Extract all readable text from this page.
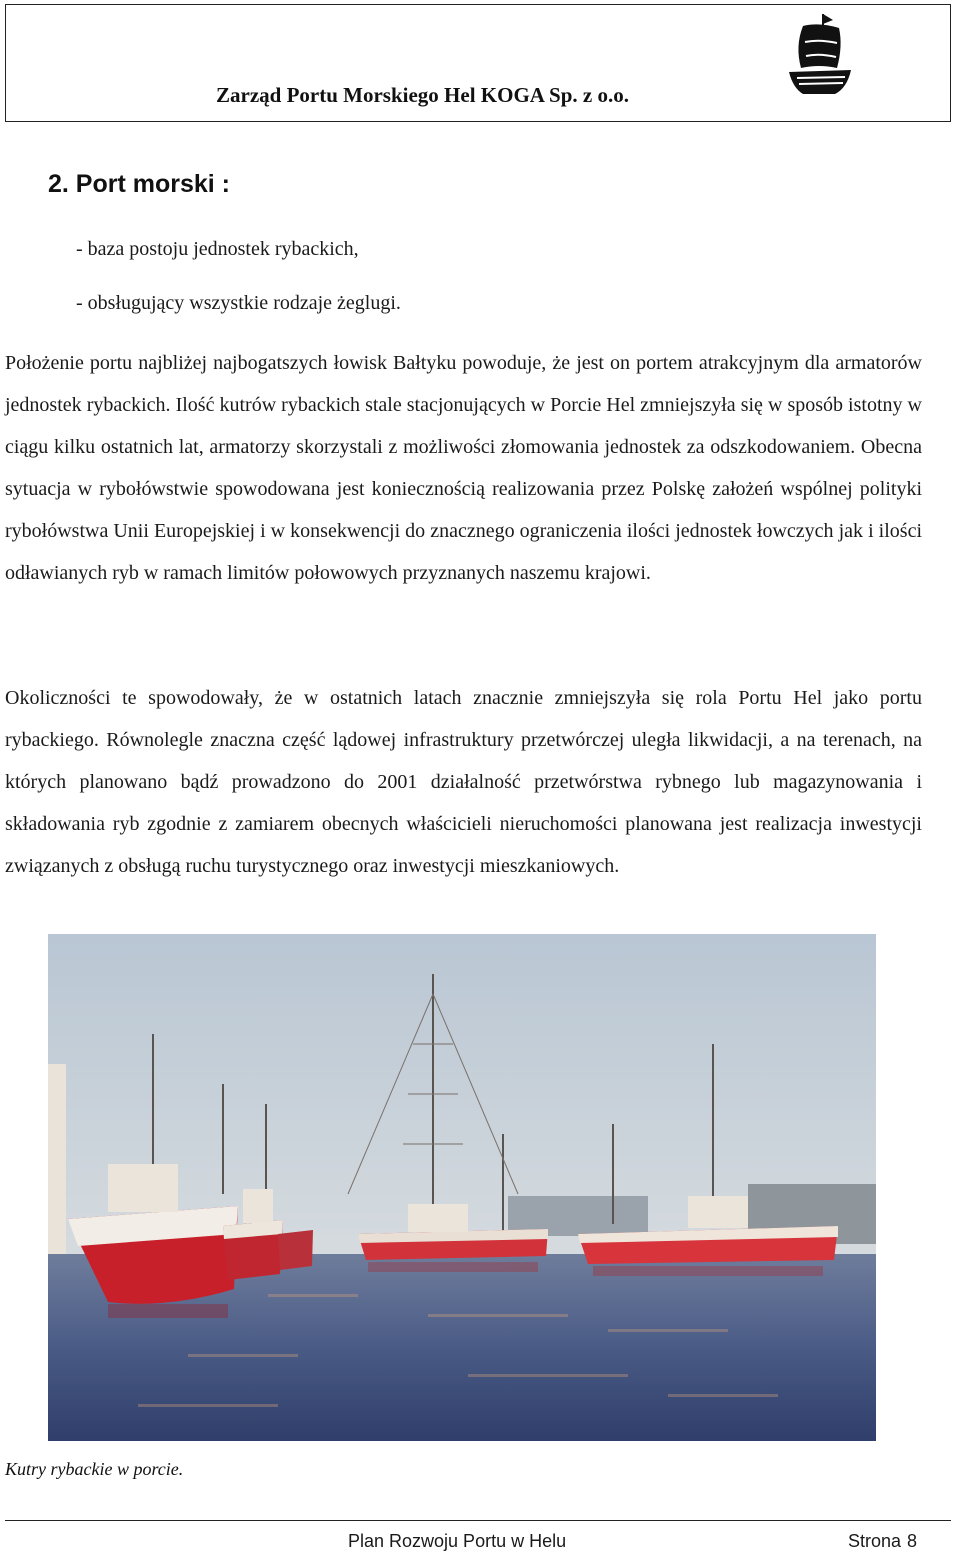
Zarząd Portu Morskiego Hel KOGA Sp. z o.o.
2. Port morski :
- baza postoju jednostek rybackich,
- obsługujący wszystkie rodzaje żeglugi.
Położenie portu najbliżej najbogatszych łowisk Bałtyku powoduje, że jest on portem atrakcyjnym dla armatorów jednostek rybackich. Ilość kutrów rybackich stale stacjonujących w Porcie Hel zmniejszyła się w sposób istotny w ciągu kilku ostatnich lat, armatorzy skorzystali z możliwości złomowania jednostek za odszkodowaniem. Obecna sytuacja w rybołówstwie spowodowana jest koniecznością realizowania przez Polskę założeń wspólnej polityki rybołówstwa Unii Europejskiej i w konsekwencji do znacznego ograniczenia ilości jednostek łowczych jak i ilości odławianych ryb w ramach limitów połowowych przyznanych naszemu krajowi.
Okoliczności te spowodowały, że w ostatnich latach znacznie zmniejszyła się rola Portu Hel jako portu rybackiego. Równolegle znaczna część lądowej infrastruktury przetwórczej uległa likwidacji, a na terenach, na których planowano bądź prowadzono do 2001 działalność przetwórstwa rybnego lub magazynowania i składowania ryb zgodnie z zamiarem obecnych właścicieli nieruchomości planowana jest realizacja inwestycji związanych z obsługą ruchu turystycznego oraz inwestycji mieszkaniowych.
Kutry rybackie w porcie.
Plan Rozwoju Portu w Helu	Strona 8
